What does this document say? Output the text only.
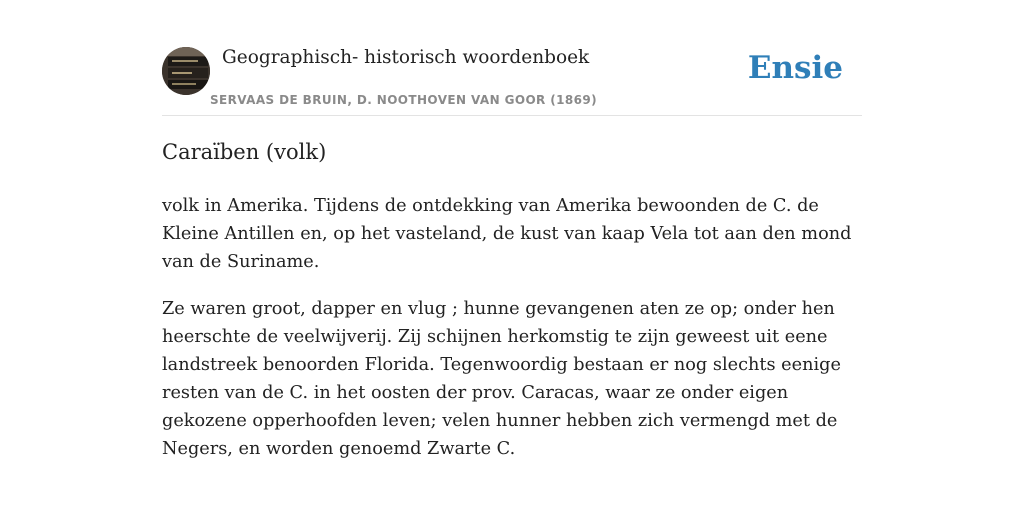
Geographisch- historisch woordenboek
SERVAAS DE BRUIN, D. NOOTHOVEN VAN GOOR (1869)
Ensie
Caraïben (volk)

volk in Amerika. Tijdens de ontdekking van Amerika bewoonden de C. de Kleine Antillen en, op het vasteland, de kust van kaap Vela tot aan den mond van de Suriname.

Ze waren groot, dapper en vlug ; hunne gevangenen aten ze op; onder hen heerschte de veelwijverij. Zij schijnen herkomstig te zijn geweest uit eene landstreek benoorden Florida. Tegenwoordig bestaan er nog slechts eenige resten van de C. in het oosten der prov. Caracas, waar ze onder eigen gekozene opperhoofden leven; velen hunner hebben zich vermengd met de Negers, en worden genoemd Zwarte C.
